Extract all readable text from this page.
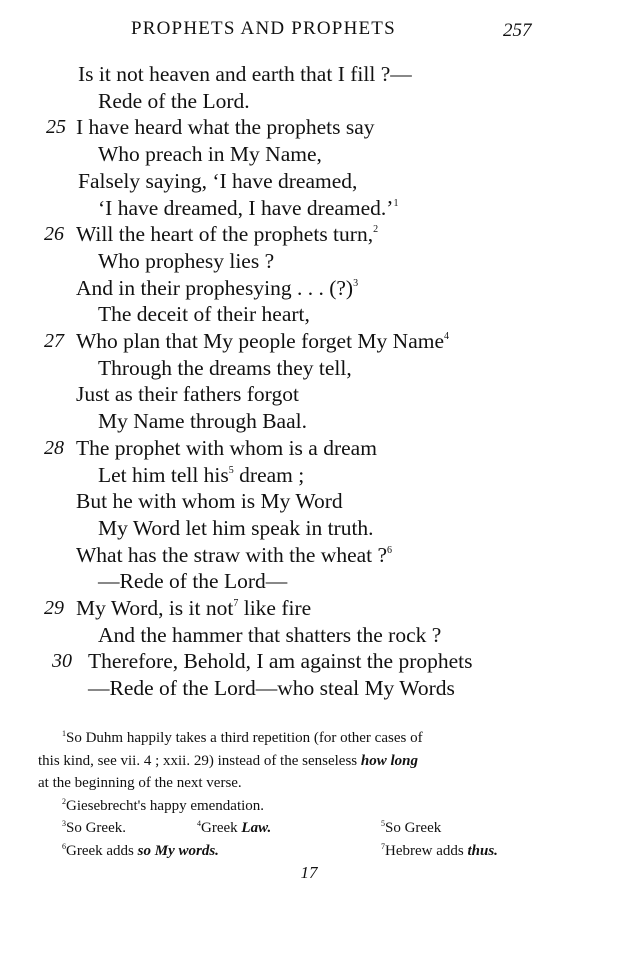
PROPHETS AND PROPHETS	257
Is it not heaven and earth that I fill ?—
Rede of the Lord.
25 I have heard what the prophets say
Who preach in My Name,
Falsely saying, ‘I have dreamed,
‘I have dreamed, I have dreamed.’$^1$
26 Will the heart of the prophets turn,$^2$
Who prophesy lies ?
And in their prophesying . . . (?)$^3$
The deceit of their heart,
27 Who plan that My people forget My Name$^4$
Through the dreams they tell,
Just as their fathers forgot
My Name through Baal.
28 The prophet with whom is a dream
Let him tell his$^5$ dream ;
But he with whom is My Word
My Word let him speak in truth.
What has the straw with the wheat ?$^6$
—Rede of the Lord—
29 My Word, is it not$^7$ like fire
And the hammer that shatters the rock ?
30 Therefore, Behold, I am against the prophets
—Rede of the Lord—who steal My Words
$^1$So Duhm happily takes a third repetition (for other cases of
this kind, see vii. 4 ; xxii. 29) instead of the senseless how long
at the beginning of the next verse.
$^2$Giesebrecht's happy emendation.
$^3$So Greek.	$^4$Greek Law.	$^5$So Greek
$^6$Greek adds so My words.	$^7$Hebrew adds thus.
17
